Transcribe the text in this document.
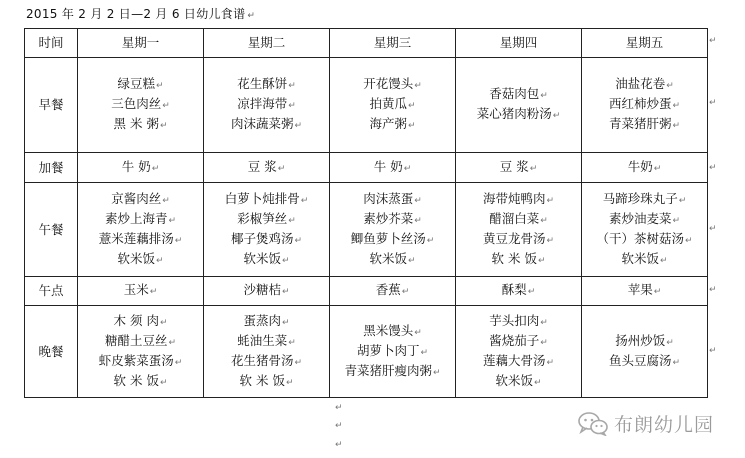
2015 年 2 月 2 日—2 月 6 日幼儿食谱 ↵
时间	星期一	星期二	星期三	星期四	星期五
早餐	绿豆糕↵
三色肉丝↵
黑 米 粥↵	花生酥饼↵
凉拌海带↵
肉沫蔬菜粥↵	开花馒头↵
拍黄瓜↵
海产粥↵	香菇肉包↵
菜心猪肉粉汤↵	油盐花卷↵
西红柿炒蛋↵
青菜猪肝粥↵

加餐	牛 奶↵	豆 浆↵	牛 奶↵	豆 浆↵	牛奶↵

午餐	京酱肉丝↵
素炒上海青↵
薏米莲藕排汤↵
软米饭↵	白萝卜炖排骨↵
彩椒笋丝↵
椰子煲鸡汤↵
软米饭↵	肉沫蒸蛋↵
素炒芥菜↵
鲫鱼萝卜丝汤↵
软米饭↵	海带炖鸭肉↵
醋溜白菜↵
黄豆龙骨汤↵
软 米 饭↵	马蹄珍珠丸子↵
素炒油麦菜↵
（干）茶树菇汤↵
软米饭↵

午点	玉米↵	沙糖桔↵	香蕉↵	酥梨↵	苹果↵

晚餐	木 须 肉↵
糖醋土豆丝↵
虾皮紫菜蛋汤↵
软 米 饭↵	蛋蒸肉↵
蚝油生菜↵
花生猪骨汤↵
软 米 饭↵	黑米馒头↵
胡萝卜肉丁↵
青菜猪肝瘦肉粥↵	芋头扣肉↵
酱烧茄子↵
莲藕大骨汤↵
软米饭↵	扬州炒饭↵
鱼头豆腐汤↵
↵
↵
↵
↵
↵
↵
↵
↵
↵
布朗幼儿园
